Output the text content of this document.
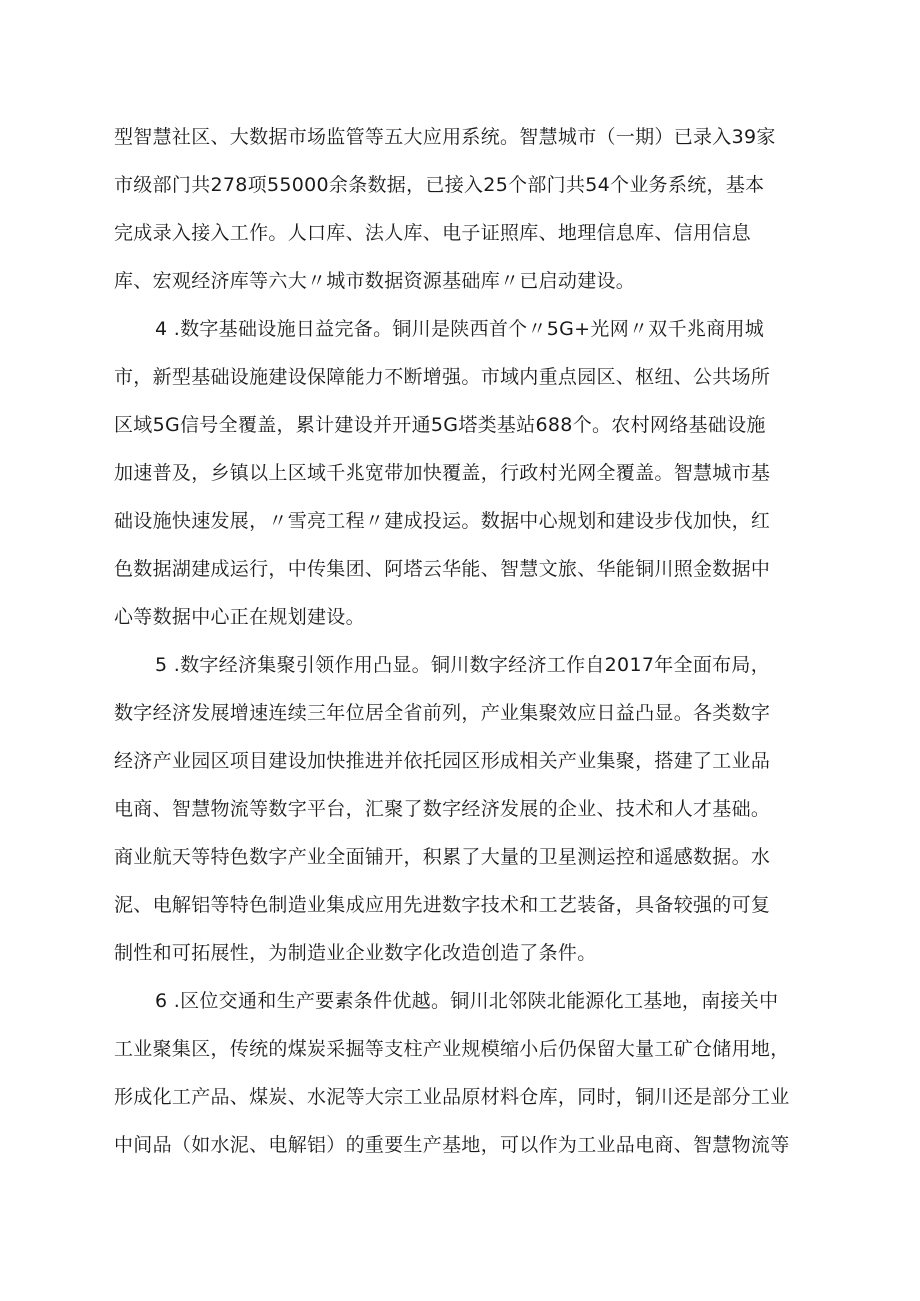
型智慧社区、大数据市场监管等五大应用系统。智慧城市（一期）已录入39家
市级部门共278项55000余条数据，已接入25个部门共54个业务系统，基本
完成录入接入工作。人口库、法人库、电子证照库、地理信息库、信用信息
库、宏观经济库等六大〃城市数据资源基础库〃已启动建设。
4 .数字基础设施日益完备。铜川是陕西首个〃5G+光网〃双千兆商用城
市，新型基础设施建设保障能力不断增强。市域内重点园区、枢纽、公共场所
区域5G信号全覆盖，累计建设并开通5G塔类基站688个。农村网络基础设施
加速普及，乡镇以上区域千兆宽带加快覆盖，行政村光网全覆盖。智慧城市基
础设施快速发展，〃雪亮工程〃建成投运。数据中心规划和建设步伐加快，红
色数据湖建成运行，中传集团、阿塔云华能、智慧文旅、华能铜川照金数据中
心等数据中心正在规划建设。
5 .数字经济集聚引领作用凸显。铜川数字经济工作自2017年全面布局，
数字经济发展增速连续三年位居全省前列，产业集聚效应日益凸显。各类数字
经济产业园区项目建设加快推进并依托园区形成相关产业集聚，搭建了工业品
电商、智慧物流等数字平台，汇聚了数字经济发展的企业、技术和人才基础。
商业航天等特色数字产业全面铺开，积累了大量的卫星测运控和遥感数据。水
泥、电解铝等特色制造业集成应用先进数字技术和工艺装备，具备较强的可复
制性和可拓展性，为制造业企业数字化改造创造了条件。
6 .区位交通和生产要素条件优越。铜川北邻陕北能源化工基地，南接关中
工业聚集区，传统的煤炭采掘等支柱产业规模缩小后仍保留大量工矿仓储用地，
形成化工产品、煤炭、水泥等大宗工业品原材料仓库，同时，铜川还是部分工业
中间品（如水泥、电解铝）的重要生产基地，可以作为工业品电商、智慧物流等
